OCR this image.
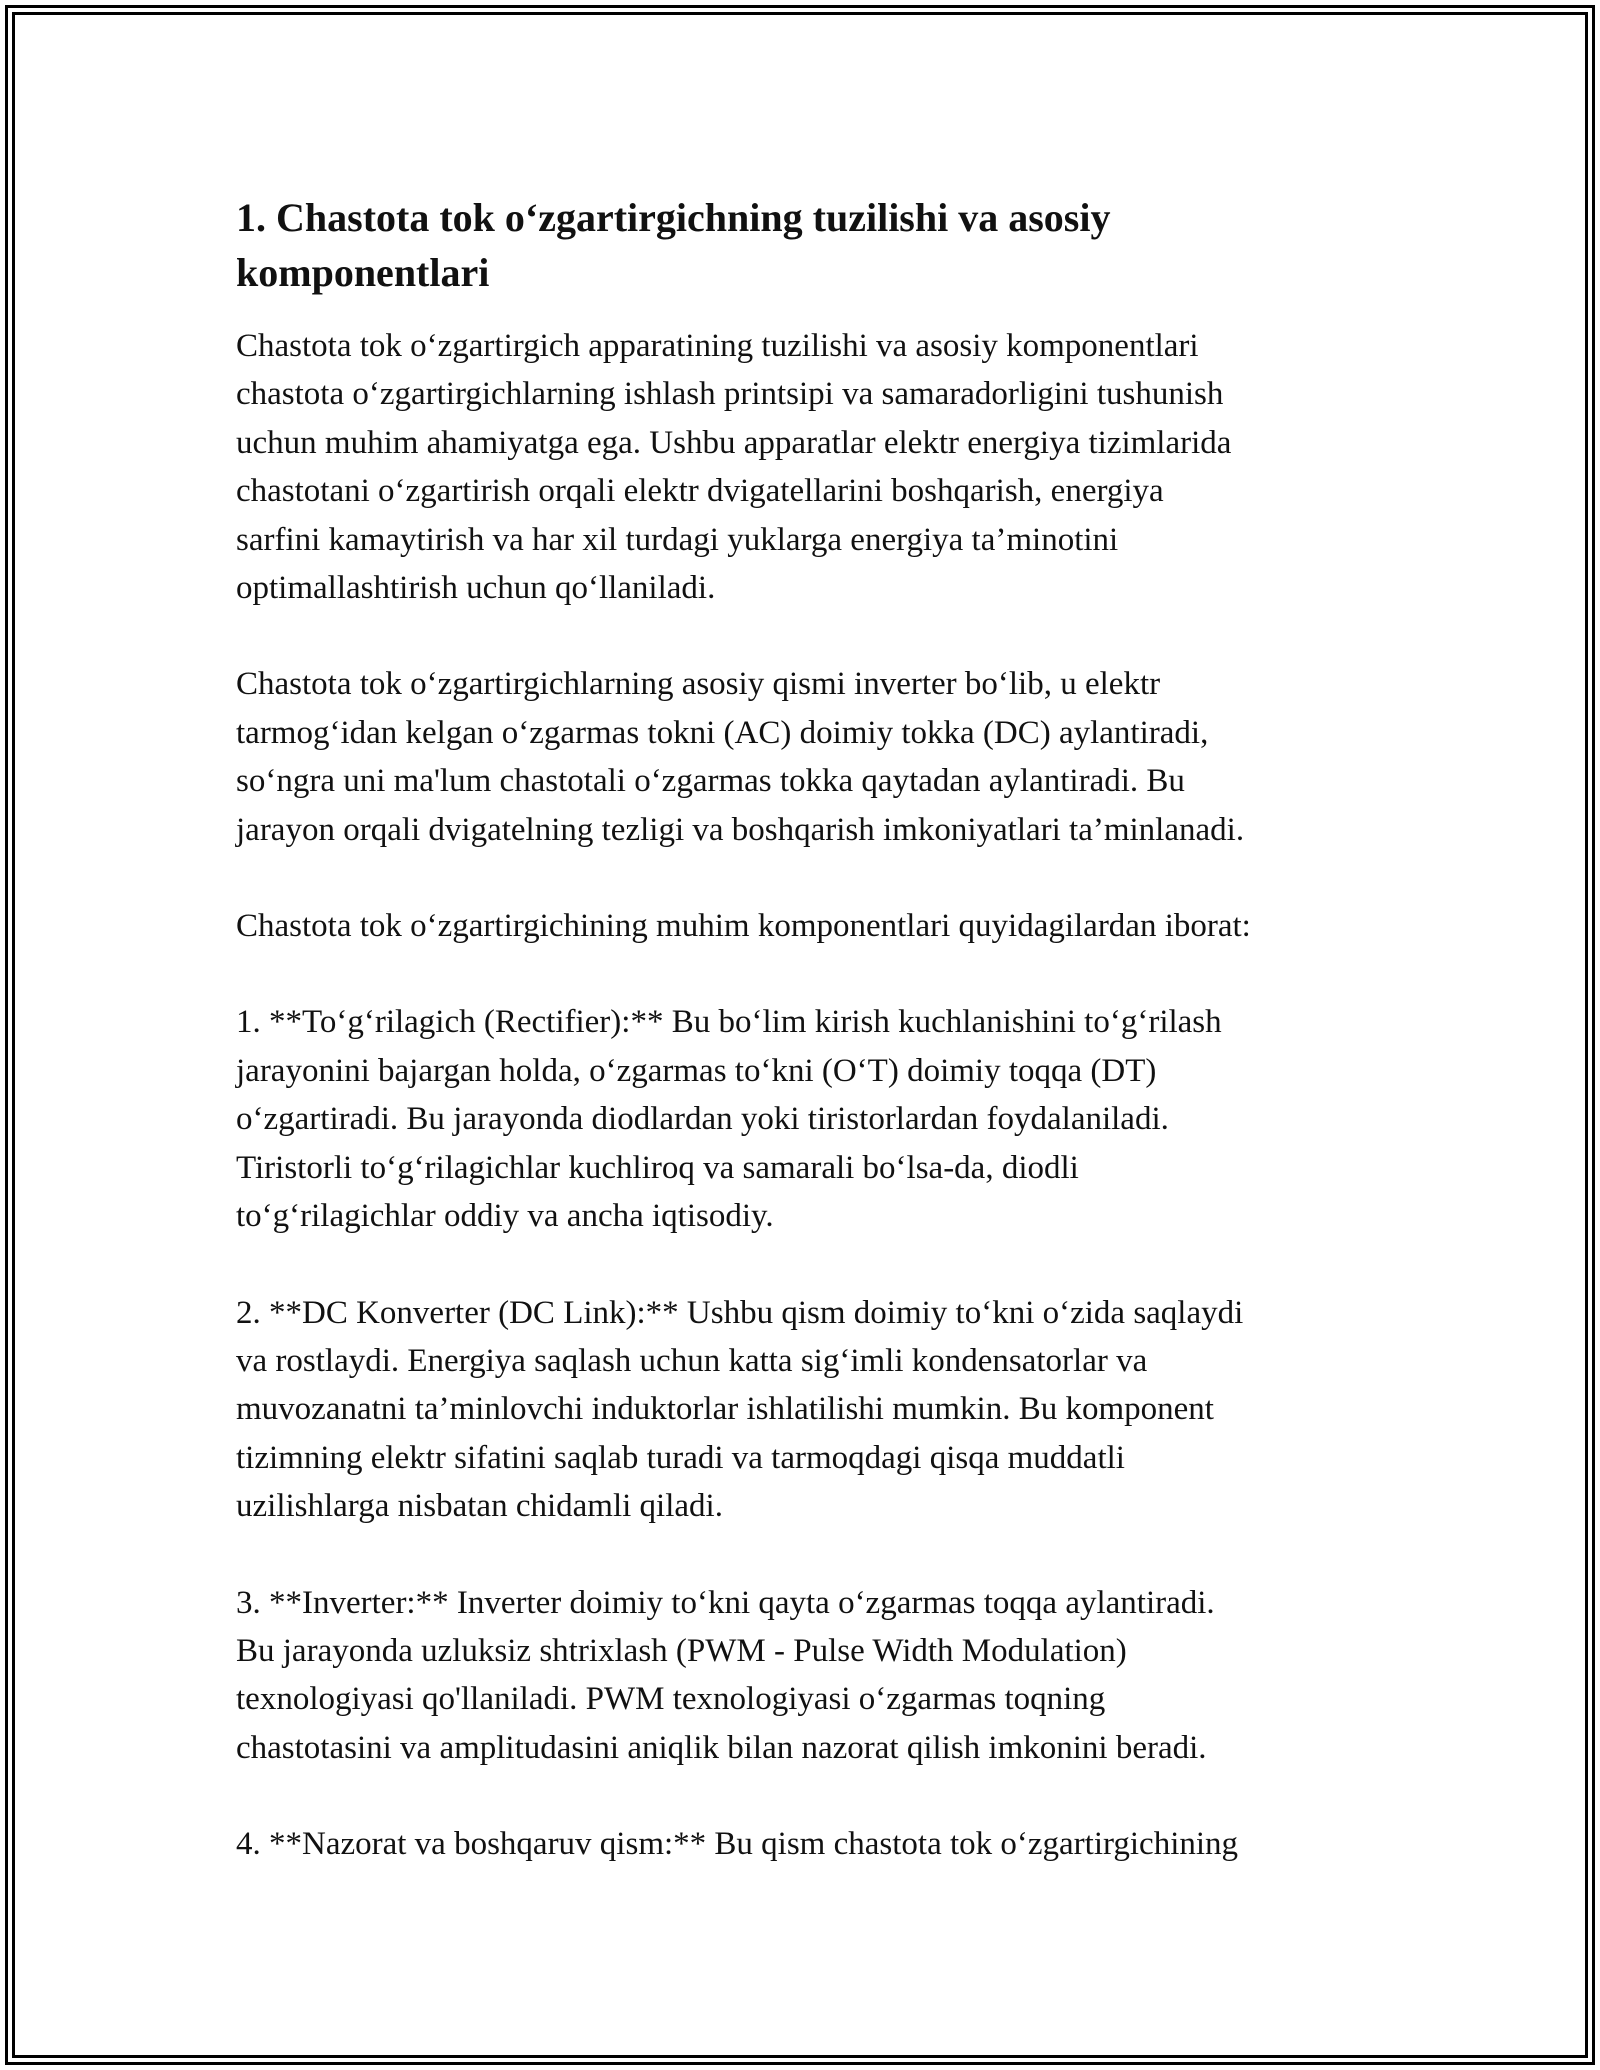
1. Chastota tok o‘zgartirgichning tuzilishi va asosiy
komponentlari

Chastota tok o‘zgartirgich apparatining tuzilishi va asosiy komponentlari
chastota o‘zgartirgichlarning ishlash printsipi va samaradorligini tushunish
uchun muhim ahamiyatga ega. Ushbu apparatlar elektr energiya tizimlarida
chastotani o‘zgartirish orqali elektr dvigatellarini boshqarish, energiya
sarfini kamaytirish va har xil turdagi yuklarga energiya ta’minotini
optimallashtirish uchun qo‘llaniladi.

Chastota tok o‘zgartirgichlarning asosiy qismi inverter bo‘lib, u elektr
tarmog‘idan kelgan o‘zgarmas tokni (AC) doimiy tokka (DC) aylantiradi,
so‘ngra uni ma'lum chastotali o‘zgarmas tokka qaytadan aylantiradi. Bu
jarayon orqali dvigatelning tezligi va boshqarish imkoniyatlari ta’minlanadi.

Chastota tok o‘zgartirgichining muhim komponentlari quyidagilardan iborat:

1. **To‘g‘rilagich (Rectifier):** Bu bo‘lim kirish kuchlanishini to‘g‘rilash
jarayonini bajargan holda, o‘zgarmas to‘kni (O‘T) doimiy toqqa (DT)
o‘zgartiradi. Bu jarayonda diodlardan yoki tiristorlardan foydalaniladi.
Tiristorli to‘g‘rilagichlar kuchliroq va samarali bo‘lsa-da, diodli
to‘g‘rilagichlar oddiy va ancha iqtisodiy.

2. **DC Konverter (DC Link):** Ushbu qism doimiy to‘kni o‘zida saqlaydi
va rostlaydi. Energiya saqlash uchun katta sig‘imli kondensatorlar va
muvozanatni ta’minlovchi induktorlar ishlatilishi mumkin. Bu komponent
tizimning elektr sifatini saqlab turadi va tarmoqdagi qisqa muddatli
uzilishlarga nisbatan chidamli qiladi.

3. **Inverter:** Inverter doimiy to‘kni qayta o‘zgarmas toqqa aylantiradi.
Bu jarayonda uzluksiz shtrixlash (PWM - Pulse Width Modulation)
texnologiyasi qo'llaniladi. PWM texnologiyasi o‘zgarmas toqning
chastotasini va amplitudasini aniqlik bilan nazorat qilish imkonini beradi.

4. **Nazorat va boshqaruv qism:** Bu qism chastota tok o‘zgartirgichining
